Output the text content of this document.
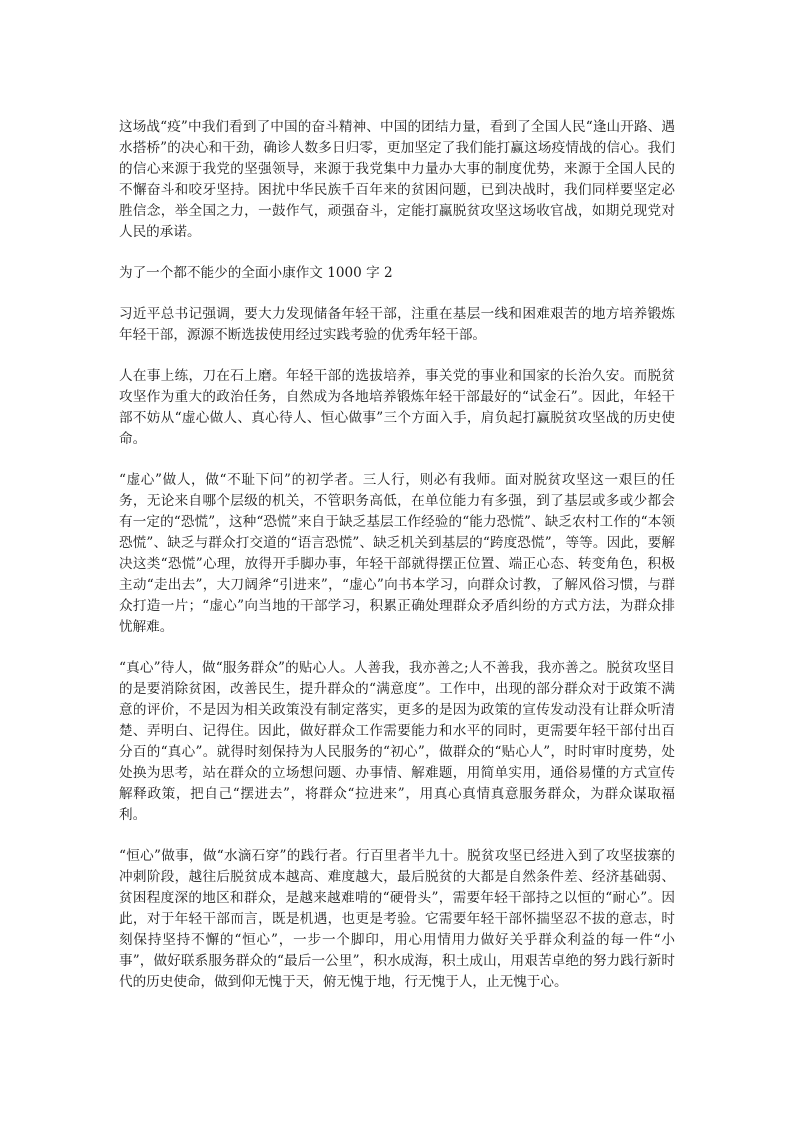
这场战“疫”中我们看到了中国的奋斗精神、中国的团结力量，看到了全国人民“逢山开路、遇水搭桥”的决心和干劲，确诊人数多日归零，更加坚定了我们能打赢这场疫情战的信心。我们的信心来源于我党的坚强领导，来源于我党集中力量办大事的制度优势，来源于全国人民的不懈奋斗和咬牙坚持。困扰中华民族千百年来的贫困问题，已到决战时，我们同样要坚定必胜信念，举全国之力，一鼓作气，顽强奋斗，定能打赢脱贫攻坚这场收官战，如期兑现党对人民的承诺。

为了一个都不能少的全面小康作文 1000 字 2

习近平总书记强调，要大力发现储备年轻干部，注重在基层一线和困难艰苦的地方培养锻炼年轻干部，源源不断选拔使用经过实践考验的优秀年轻干部。

人在事上练，刀在石上磨。年轻干部的选拔培养，事关党的事业和国家的长治久安。而脱贫攻坚作为重大的政治任务，自然成为各地培养锻炼年轻干部最好的“试金石”。因此，年轻干部不妨从“虚心做人、真心待人、恒心做事”三个方面入手，肩负起打赢脱贫攻坚战的历史使命。

“虚心”做人，做“不耻下问”的初学者。三人行，则必有我师。面对脱贫攻坚这一艰巨的任务，无论来自哪个层级的机关，不管职务高低，在单位能力有多强，到了基层或多或少都会有一定的“恐慌”，这种“恐慌”来自于缺乏基层工作经验的“能力恐慌”、缺乏农村工作的“本领恐慌”、缺乏与群众打交道的“语言恐慌”、缺乏机关到基层的“跨度恐慌”，等等。因此，要解决这类“恐慌”心理，放得开手脚办事，年轻干部就得摆正位置、端正心态、转变角色，积极主动“走出去”，大刀阔斧“引进来”，“虚心”向书本学习，向群众讨教，了解风俗习惯，与群众打造一片；“虚心”向当地的干部学习，积累正确处理群众矛盾纠纷的方式方法，为群众排忧解难。

“真心”待人，做“服务群众”的贴心人。人善我，我亦善之;人不善我，我亦善之。脱贫攻坚目的是要消除贫困，改善民生，提升群众的“满意度”。工作中，出现的部分群众对于政策不满意的评价，不是因为相关政策没有制定落实，更多的是因为政策的宣传发动没有让群众听清楚、弄明白、记得住。因此，做好群众工作需要能力和水平的同时，更需要年轻干部付出百分百的“真心”。就得时刻保持为人民服务的“初心”，做群众的“贴心人”，时时审时度势，处处换为思考，站在群众的立场想问题、办事情、解难题，用简单实用，通俗易懂的方式宣传解释政策，把自己“摆进去”，将群众“拉进来”，用真心真情真意服务群众，为群众谋取福利。

“恒心”做事，做“水滴石穿”的践行者。行百里者半九十。脱贫攻坚已经进入到了攻坚拔寨的冲刺阶段，越往后脱贫成本越高、难度越大，最后脱贫的大都是自然条件差、经济基础弱、贫困程度深的地区和群众，是越来越难啃的“硬骨头”，需要年轻干部持之以恒的“耐心”。因此，对于年轻干部而言，既是机遇，也更是考验。它需要年轻干部怀揣坚忍不拔的意志，时刻保持坚持不懈的“恒心”，一步一个脚印，用心用情用力做好关乎群众利益的每一件“小事”，做好联系服务群众的“最后一公里”，积水成海，积土成山，用艰苦卓绝的努力践行新时代的历史使命，做到仰无愧于天，俯无愧于地，行无愧于人，止无愧于心。
